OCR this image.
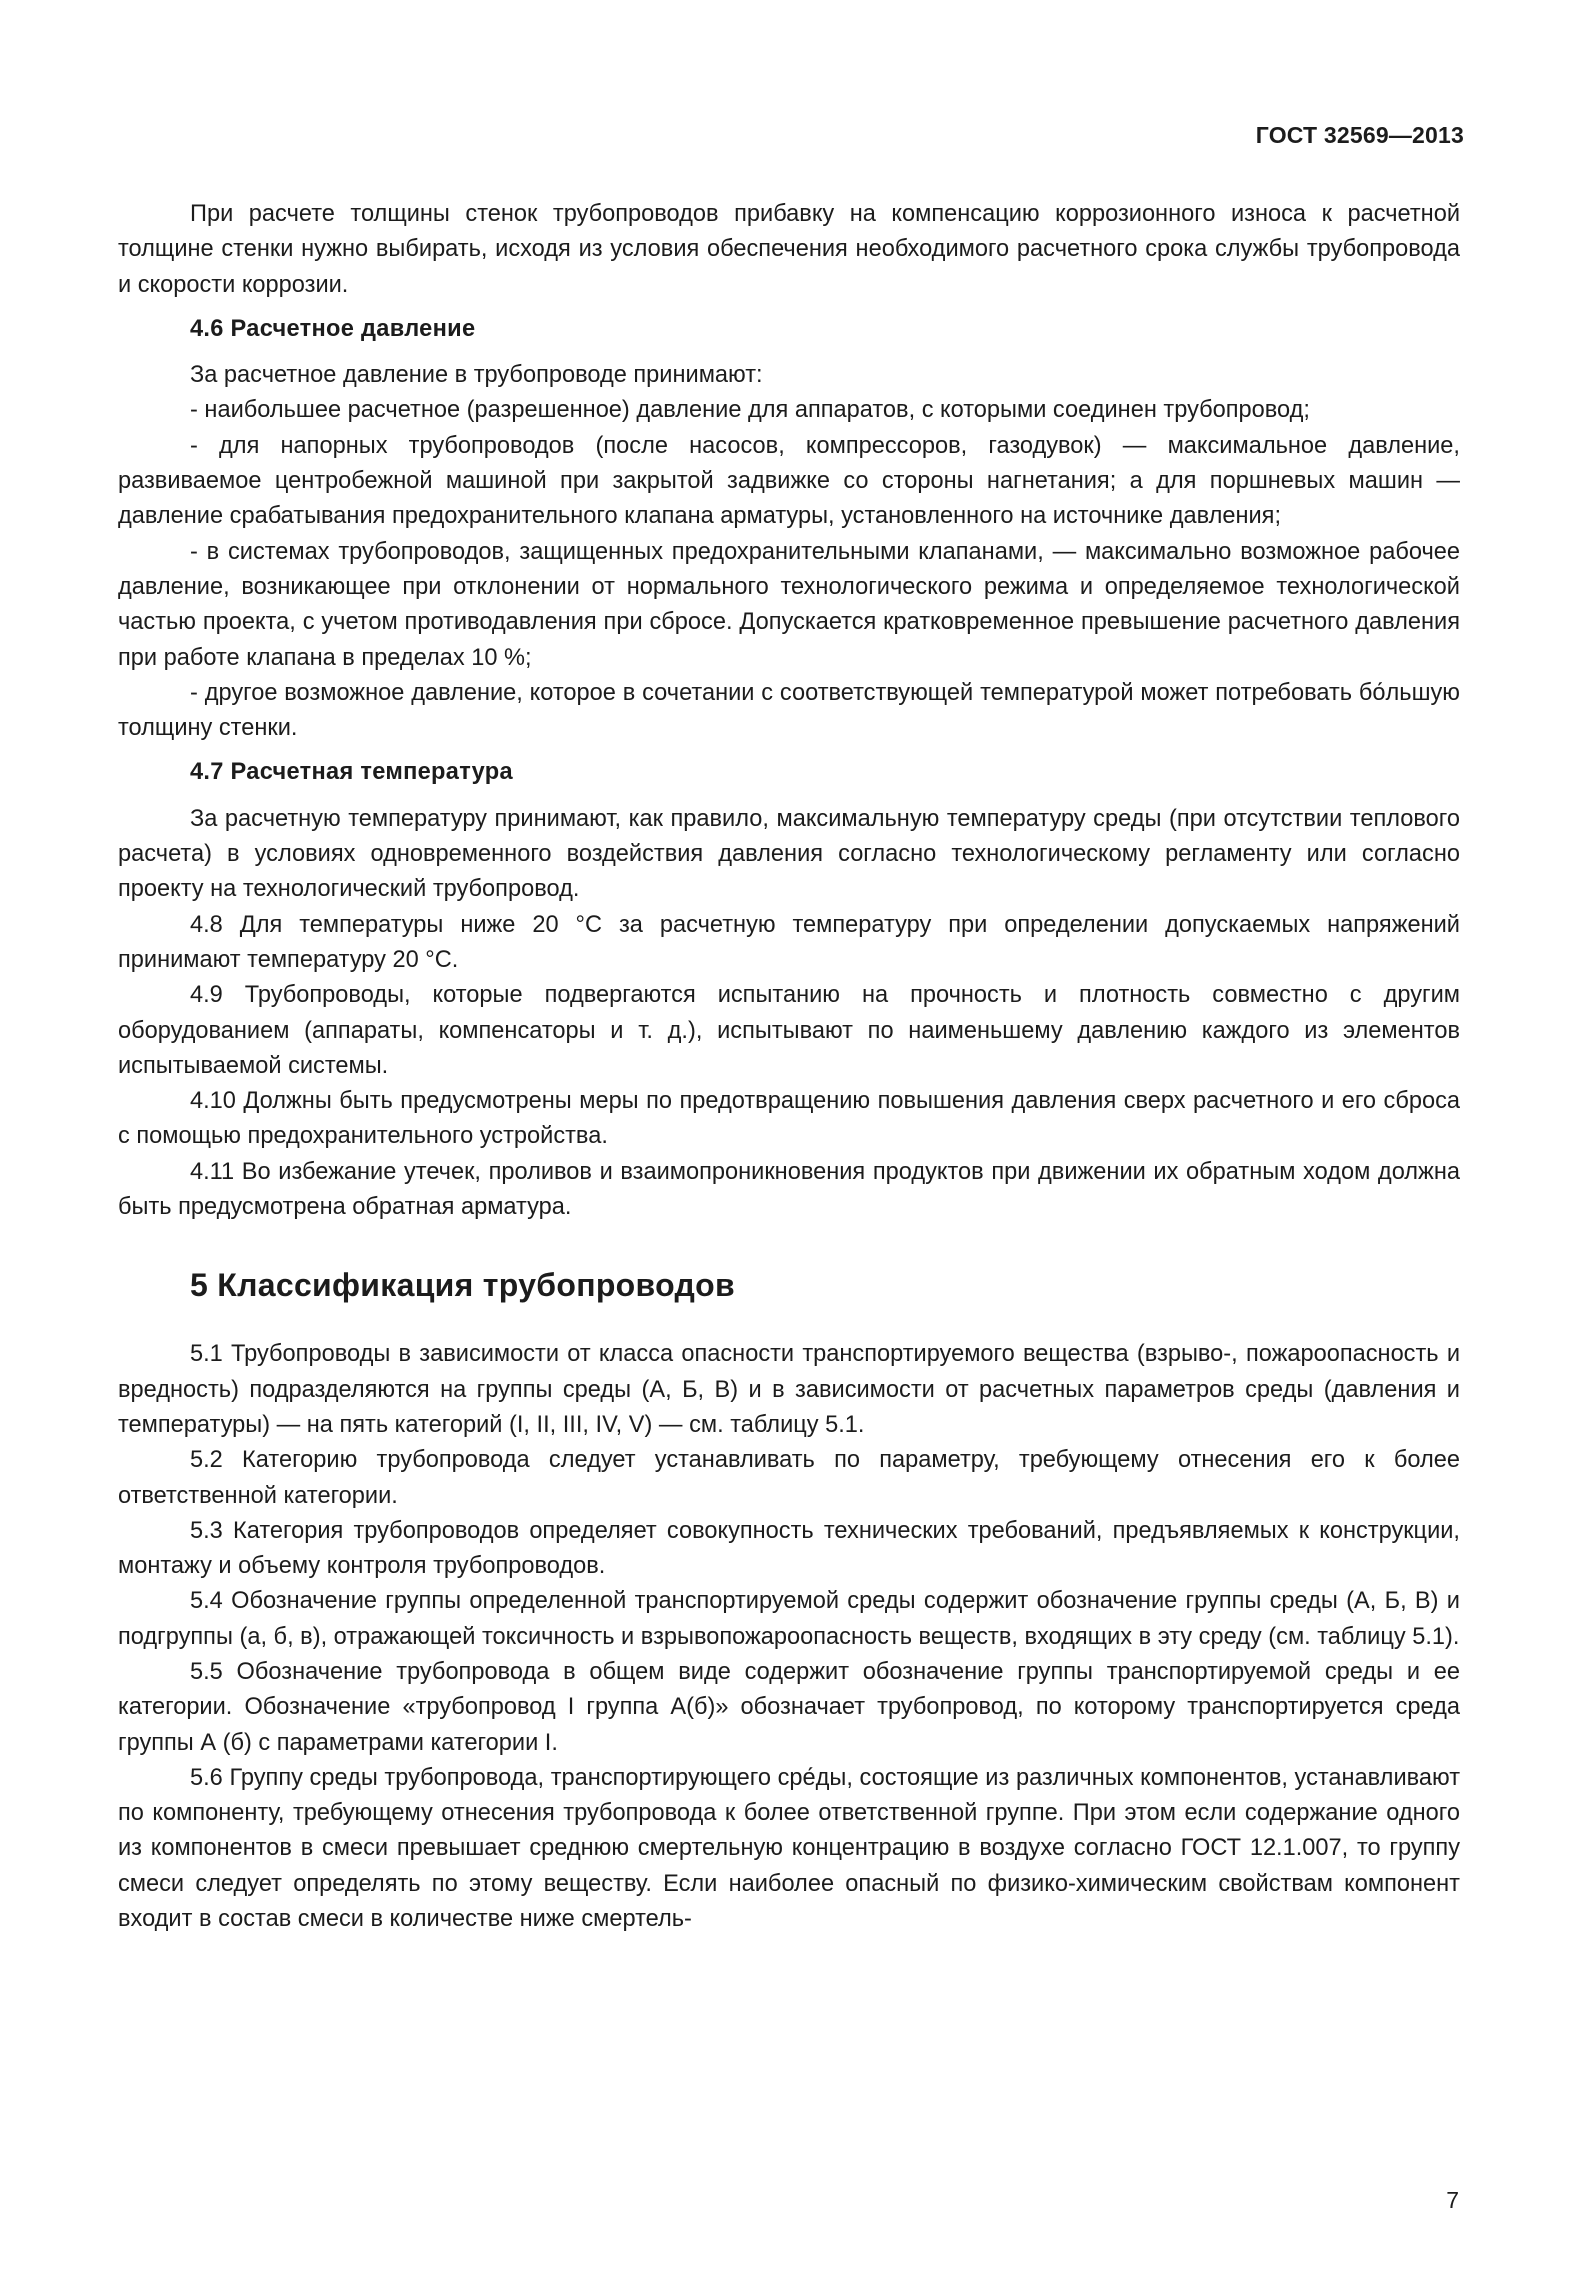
ГОСТ 32569—2013

При расчете толщины стенок трубопроводов прибавку на компенсацию коррозионного износа к расчетной толщине стенки нужно выбирать, исходя из условия обеспечения необходимого расчетного срока службы трубопровода и скорости коррозии.

4.6 Расчетное давление

За расчетное давление в трубопроводе принимают:

- наибольшее расчетное (разрешенное) давление для аппаратов, с которыми соединен трубопровод;

- для напорных трубопроводов (после насосов, компрессоров, газодувок) — максимальное давление, развиваемое центробежной машиной при закрытой задвижке со стороны нагнетания; а для поршневых машин — давление срабатывания предохранительного клапана арматуры, установленного на источнике давления;

- в системах трубопроводов, защищенных предохранительными клапанами, — максимально возможное рабочее давление, возникающее при отклонении от нормального технологического режима и определяемое технологической частью проекта, с учетом противодавления при сбросе. Допускается кратковременное превышение расчетного давления при работе клапана в пределах 10 %;

- другое возможное давление, которое в сочетании с соответствующей температурой может потребовать бо́льшую толщину стенки.

4.7 Расчетная температура

За расчетную температуру принимают, как правило, максимальную температуру среды (при отсутствии теплового расчета) в условиях одновременного воздействия давления согласно технологическому регламенту или согласно проекту на технологический трубопровод.

4.8 Для температуры ниже 20 °С за расчетную температуру при определении допускаемых напряжений принимают температуру 20 °С.

4.9 Трубопроводы, которые подвергаются испытанию на прочность и плотность совместно с другим оборудованием (аппараты, компенсаторы и т. д.), испытывают по наименьшему давлению каждого из элементов испытываемой системы.

4.10 Должны быть предусмотрены меры по предотвращению повышения давления сверх расчетного и его сброса с помощью предохранительного устройства.

4.11 Во избежание утечек, проливов и взаимопроникновения продуктов при движении их обратным ходом должна быть предусмотрена обратная арматура.

5 Классификация трубопроводов

5.1 Трубопроводы в зависимости от класса опасности транспортируемого вещества (взрыво-, пожароопасность и вредность) подразделяются на группы среды (А, Б, В) и в зависимости от расчетных параметров среды (давления и температуры) — на пять категорий (I, II, III, IV, V) — см. таблицу 5.1.

5.2 Категорию трубопровода следует устанавливать по параметру, требующему отнесения его к более ответственной категории.

5.3 Категория трубопроводов определяет совокупность технических требований, предъявляемых к конструкции, монтажу и объему контроля трубопроводов.

5.4 Обозначение группы определенной транспортируемой среды содержит обозначение группы среды (А, Б, В) и подгруппы (а, б, в), отражающей токсичность и взрывопожароопасность веществ, входящих в эту среду (см. таблицу 5.1).

5.5 Обозначение трубопровода в общем виде содержит обозначение группы транспортируемой среды и ее категории. Обозначение «трубопровод I группа А(б)» обозначает трубопровод, по которому транспортируется среда группы А (б) с параметрами категории I.

5.6 Группу среды трубопровода, транспортирующего сре́ды, состоящие из различных компонентов, устанавливают по компоненту, требующему отнесения трубопровода к более ответственной группе. При этом если содержание одного из компонентов в смеси превышает среднюю смертельную концентрацию в воздухе согласно ГОСТ 12.1.007, то группу смеси следует определять по этому веществу. Если наиболее опасный по физико-химическим свойствам компонент входит в состав смеси в количестве ниже смертель-

7
